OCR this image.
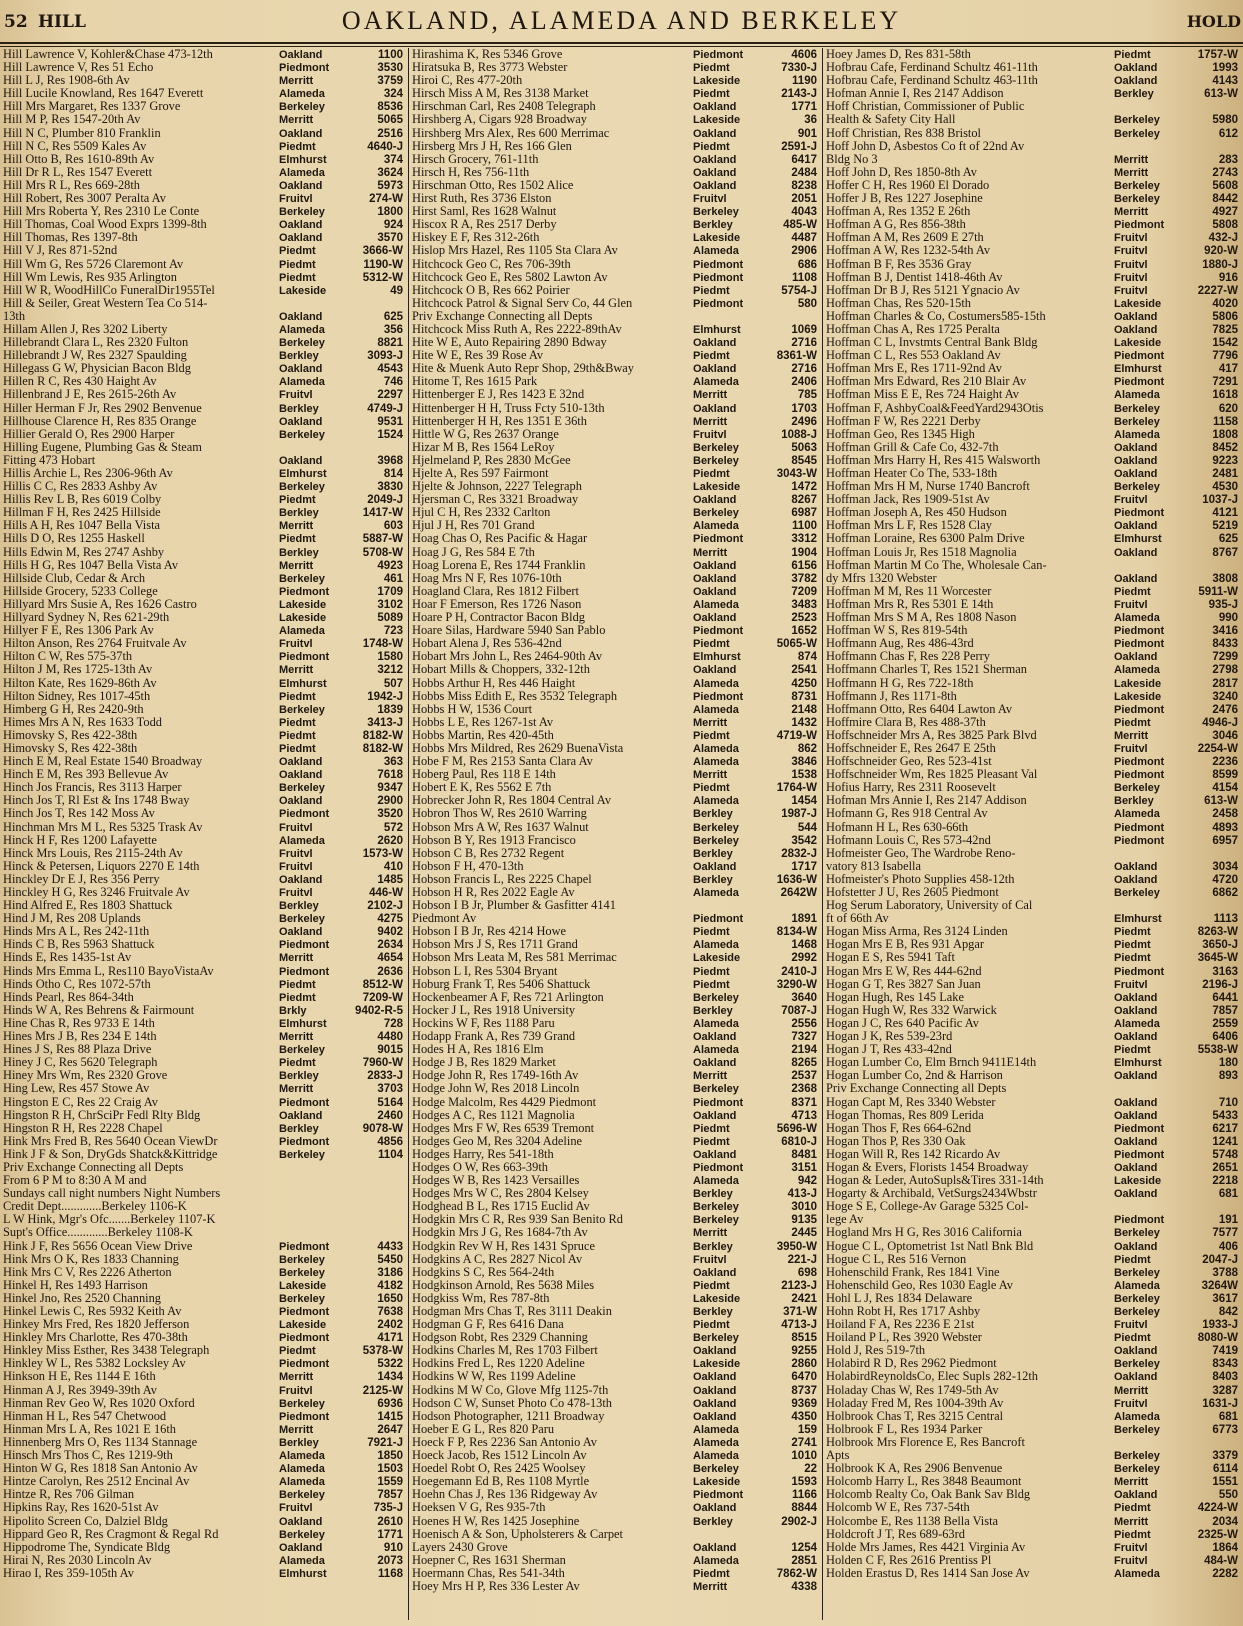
52 HILL	OAKLAND, ALAMEDA AND BERKELEY	HOLD
Hill Lawrence V, Kohler&Chase 473-12th	Oakland	1100
Hill Lawrence V, Res 51 Echo	Piedmont	3530
Hill L J, Res 1908-6th Av	Merritt	3759
Hill Lucile Knowland, Res 1647 Everett	Alameda	324
Hill Mrs Margaret, Res 1337 Grove	Berkeley	8536
Hill M P, Res 1547-20th Av	Merritt	5065
Hill N C, Plumber 810 Franklin	Oakland	2516
Hill N C, Res 5509 Kales Av	Piedmt	4640-J
Hill Otto B, Res 1610-89th Av	Elmhurst	374
Hill Dr R L, Res 1547 Everett	Alameda	3624
Hill Mrs R L, Res 669-28th	Oakland	5973
Hill Robert, Res 3007 Peralta Av	Fruitvl	274-W
Hill Mrs Roberta Y, Res 2310 Le Conte	Berkeley	1800
Hill Thomas, Coal Wood Exprs 1399-8th	Oakland	924
Hill Thomas, Res 1397-8th	Oakland	3570
Hill V J, Res 871-52nd	Piedmt	3666-W
Hill Wm G, Res 5726 Claremont Av	Piedmt	1190-W
Hill Wm Lewis, Res 935 Arlington	Piedmt	5312-W
Hill W R, WoodHillCo FuneralDir1955Tel	Lakeside	49
Hill & Seiler, Great Western Tea Co 514-
13th	Oakland	625
Hillam Allen J, Res 3202 Liberty	Alameda	356
Hillebrandt Clara L, Res 2320 Fulton	Berkeley	8821
Hillebrandt J W, Res 2327 Spaulding	Berkley	3093-J
Hillegass G W, Physician Bacon Bldg	Oakland	4543
Hillen R C, Res 430 Haight Av	Alameda	746
Hillenbrand J E, Res 2615-26th Av	Fruitvl	2297
Hiller Herman F Jr, Res 2902 Benvenue	Berkley	4749-J
Hillhouse Clarence H, Res 835 Orange	Oakland	9531
Hillier Gerald O, Res 2900 Harper	Berkeley	1524
Hilling Eugene, Plumbing Gas & Steam
Fitting 473 Hobart	Oakland	3968
Hillis Archie L, Res 2306-96th Av	Elmhurst	814
Hillis C C, Res 2833 Ashby Av	Berkeley	3830
Hillis Rev L B, Res 6019 Colby	Piedmt	2049-J
Hillman F H, Res 2425 Hillside	Berkley	1417-W
Hills A H, Res 1047 Bella Vista	Merritt	603
Hills D O, Res 1255 Haskell	Piedmt	5887-W
Hills Edwin M, Res 2747 Ashby	Berkley	5708-W
Hills H G, Res 1047 Bella Vista Av	Merritt	4923
Hillside Club, Cedar & Arch	Berkeley	461
Hillside Grocery, 5233 College	Piedmont	1709
Hillyard Mrs Susie A, Res 1626 Castro	Lakeside	3102
Hillyard Sydney N, Res 621-29th	Lakeside	5089
Hillyer F E, Res 1306 Park Av	Alameda	723
Hilton Anson, Res 2764 Fruitvale Av	Fruitvl	1748-W
Hilton C W, Res 575-37th	Piedmont	1580
Hilton J M, Res 1725-13th Av	Merritt	3212
Hilton Kate, Res 1629-86th Av	Elmhurst	507
Hilton Sidney, Res 1017-45th	Piedmt	1942-J
Himberg G H, Res 2420-9th	Berkeley	1839
Himes Mrs A N, Res 1633 Todd	Piedmt	3413-J
Himovsky S, Res 422-38th	Piedmt	8182-W
Himovsky S, Res 422-38th	Piedmt	8182-W
Hinch E M, Real Estate 1540 Broadway	Oakland	363
Hinch E M, Res 393 Bellevue Av	Oakland	7618
Hinch Jos Francis, Res 3113 Harper	Berkeley	9347
Hinch Jos T, Rl Est & Ins 1748 Bway	Oakland	2900
Hinch Jos T, Res 142 Moss Av	Piedmont	3520
Hinchman Mrs M L, Res 5325 Trask Av	Fruitvl	572
Hinck H F, Res 1200 Lafayette	Alameda	2620
Hinck Mrs Louis, Res 2115-24th Av	Fruitvl	1573-W
Hinck & Petersen, Liquors 2270 E 14th	Fruitvl	410
Hinckley Dr E J, Res 356 Perry	Oakland	1485
Hinckley H G, Res 3246 Fruitvale Av	Fruitvl	446-W
Hind Alfred E, Res 1803 Shattuck	Berkley	2102-J
Hind J M, Res 208 Uplands	Berkeley	4275
Hinds Mrs A L, Res 242-11th	Oakland	9402
Hinds C B, Res 5963 Shattuck	Piedmont	2634
Hinds E, Res 1435-1st Av	Merritt	4654
Hinds Mrs Emma L, Res110 BayoVistaAv	Piedmont	2636
Hinds Otho C, Res 1072-57th	Piedmt	8512-W
Hinds Pearl, Res 864-34th	Piedmt	7209-W
Hinds W A, Res Behrens & Fairmount	Brkly	9402-R-5
Hine Chas R, Res 9733 E 14th	Elmhurst	728
Hines Mrs J B, Res 234 E 14th	Merritt	4480
Hines J S, Res 88 Plaza Drive	Berkeley	9015
Hiney J C, Res 5620 Telegraph	Piedmt	7960-W
Hiney Mrs Wm, Res 2320 Grove	Berkley	2833-J
Hing Lew, Res 457 Stowe Av	Merritt	3703
Hingston E C, Res 22 Craig Av	Piedmont	5164
Hingston R H, ChrSciPr Fedl Rlty Bldg	Oakland	2460
Hingston R H, Res 2228 Chapel	Berkley	9078-W
Hink Mrs Fred B, Res 5640 Ocean ViewDr	Piedmont	4856
Hink J F & Son, DryGds Shatck&Kittridge	Berkeley	1104
Priv Exchange Connecting all Depts
From 6 P M to 8:30 A M and
Sundays call night numbers Night Numbers
Credit Dept.............Berkeley 1106-K
L W Hink, Mgr's Ofc.......Berkeley 1107-K
Supt's Office.............Berkeley 1108-K
Hink J F, Res 5656 Ocean View Drive	Piedmont	4433
Hink Mrs O K, Res 1833 Channing	Berkeley	5450
Hink Mrs C V, Res 2226 Atherton	Berkeley	3186
Hinkel H, Res 1493 Harrison	Lakeside	4182
Hinkel Jno, Res 2520 Channing	Berkeley	1650
Hinkel Lewis C, Res 5932 Keith Av	Piedmont	7638
Hinkey Mrs Fred, Res 1820 Jefferson	Lakeside	2402
Hinkley Mrs Charlotte, Res 470-38th	Piedmont	4171
Hinkley Miss Esther, Res 3438 Telegraph	Piedmt	5378-W
Hinkley W L, Res 5382 Locksley Av	Piedmont	5322
Hinkson H E, Res 1144 E 16th	Merritt	1434
Hinman A J, Res 3949-39th Av	Fruitvl	2125-W
Hinman Rev Geo W, Res 1020 Oxford	Berkeley	6936
Hinman H L, Res 547 Chetwood	Piedmont	1415
Hinman Mrs L A, Res 1021 E 16th	Merritt	2647
Hinnenberg Mrs O, Res 1134 Stannage	Berkley	7921-J
Hinsch Mrs Thos C, Res 1219-9th	Alameda	1850
Hinton W G, Res 1818 San Antonio Av	Alameda	1503
Hintze Carolyn, Res 2512 Encinal Av	Alameda	1559
Hintze R, Res 706 Gilman	Berkeley	7857
Hipkins Ray, Res 1620-51st Av	Fruitvl	735-J
Hipolito Screen Co, Dalziel Bldg	Oakland	2610
Hippard Geo R, Res Cragmont & Regal Rd	Berkeley	1771
Hippodrome The, Syndicate Bldg	Oakland	910
Hirai N, Res 2030 Lincoln Av	Alameda	2073
Hirao I, Res 359-105th Av	Elmhurst	1168
Hirashima K, Res 5346 Grove	Piedmont	4606
Hiratsuka B, Res 3773 Webster	Piedmt	7330-J
Hiroi C, Res 477-20th	Lakeside	1190
Hirsch Miss A M, Res 3138 Market	Piedmt	2143-J
Hirschman Carl, Res 2408 Telegraph	Oakland	1771
Hirshberg A, Cigars 928 Broadway	Lakeside	36
Hirshberg Mrs Alex, Res 600 Merrimac	Oakland	901
Hirsberg Mrs J H, Res 166 Glen	Piedmt	2591-J
Hirsch Grocery, 761-11th	Oakland	6417
Hirsch H, Res 756-11th	Oakland	2484
Hirschman Otto, Res 1502 Alice	Oakland	8238
Hirst Ruth, Res 3736 Elston	Fruitvl	2051
Hirst Saml, Res 1628 Walnut	Berkeley	4043
Hiscox R A, Res 2517 Derby	Berkley	485-W
Hiskey E F, Res 312-26th	Lakeside	4487
Hislop Mrs Hazel, Res 1105 Sta Clara Av	Alameda	2906
Hitchcock Geo C, Res 706-39th	Piedmont	686
Hitchcock Geo E, Res 5802 Lawton Av	Piedmont	1108
Hitchcock O B, Res 662 Poirier	Piedmt	5754-J
Hitchcock Patrol & Signal Serv Co, 44 Glen	Piedmont	580
Priv Exchange Connecting all Depts
Hitchcock Miss Ruth A, Res 2222-89thAv	Elmhurst	1069
Hite W E, Auto Repairing 2890 Bdway	Oakland	2716
Hite W E, Res 39 Rose Av	Piedmt	8361-W
Hite & Muenk Auto Repr Shop, 29th&Bway	Oakland	2716
Hitome T, Res 1615 Park	Alameda	2406
Hittenberger E J, Res 1423 E 32nd	Merritt	785
Hittenberger H H, Truss Fcty 510-13th	Oakland	1703
Hittenberger H H, Res 1351 E 36th	Merritt	2496
Hittle W G, Res 2637 Orange	Fruitvl	1088-J
Hizar M B, Res 1564 LeRoy	Berkeley	5063
Hjelmeland P, Res 2830 McGee	Berkeley	8545
Hjelte A, Res 597 Fairmont	Piedmt	3043-W
Hjelte & Johnson, 2227 Telegraph	Lakeside	1472
Hjersman C, Res 3321 Broadway	Oakland	8267
Hjul C H, Res 2332 Carlton	Berkeley	6987
Hjul J H, Res 701 Grand	Alameda	1100
Hoag Chas O, Res Pacific & Hagar	Piedmont	3312
Hoag J G, Res 584 E 7th	Merritt	1904
Hoag Lorena E, Res 1744 Franklin	Oakland	6156
Hoag Mrs N F, Res 1076-10th	Oakland	3782
Hoagland Clara, Res 1812 Filbert	Oakland	7209
Hoar F Emerson, Res 1726 Nason	Alameda	3483
Hoare P H, Contractor Bacon Bldg	Oakland	2523
Hoare Silas, Hardware 5940 San Pablo	Piedmont	1652
Hobart Alena J, Res 536-42nd	Piedmt	5065-W
Hobart Mrs John L, Res 2464-90th Av	Elmhurst	874
Hobart Mills & Choppers, 332-12th	Oakland	2541
Hobbs Arthur H, Res 446 Haight	Alameda	4250
Hobbs Miss Edith E, Res 3532 Telegraph	Piedmont	8731
Hobbs H W, 1536 Court	Alameda	2148
Hobbs L E, Res 1267-1st Av	Merritt	1432
Hobbs Martin, Res 420-45th	Piedmt	4719-W
Hobbs Mrs Mildred, Res 2629 BuenaVista	Alameda	862
Hobe F M, Res 2153 Santa Clara Av	Alameda	3846
Hoberg Paul, Res 118 E 14th	Merritt	1538
Hobert E K, Res 5562 E 7th	Piedmt	1764-W
Hobrecker John R, Res 1804 Central Av	Alameda	1454
Hobron Thos W, Res 2610 Warring	Berkley	1987-J
Hobson Mrs A W, Res 1637 Walnut	Berkeley	544
Hobson B Y, Res 1913 Francisco	Berkeley	3542
Hobson C B, Res 2732 Regent	Berkley	2832-J
Hobson F H, 470-13th	Oakland	1717
Hobson Francis L, Res 2225 Chapel	Berkley	1636-W
Hobson H R, Res 2022 Eagle Av	Alameda	2642W
Hobson I B Jr, Plumber & Gasfitter 4141
Piedmont Av	Piedmont	1891
Hobson I B Jr, Res 4214 Howe	Piedmt	8134-W
Hobson Mrs J S, Res 1711 Grand	Alameda	1468
Hobson Mrs Leata M, Res 581 Merrimac	Lakeside	2992
Hobson L I, Res 5304 Bryant	Piedmt	2410-J
Hoburg Frank T, Res 5406 Shattuck	Piedmt	3290-W
Hockenbeamer A F, Res 721 Arlington	Berkeley	3640
Hocker J L, Res 1918 University	Berkley	7087-J
Hockins W F, Res 1188 Paru	Alameda	2556
Hodapp Frank A, Res 739 Grand	Oakland	7327
Hodes H A, Res 1816 Elm	Alameda	2194
Hodge J B, Res 1829 Market	Oakland	8265
Hodge John R, Res 1749-16th Av	Merritt	2537
Hodge John W, Res 2018 Lincoln	Berkeley	2368
Hodge Malcolm, Res 4429 Piedmont	Piedmont	8371
Hodges A C, Res 1121 Magnolia	Oakland	4713
Hodges Mrs F W, Res 6539 Tremont	Piedmt	5696-W
Hodges Geo M, Res 3204 Adeline	Piedmt	6810-J
Hodges Harry, Res 541-18th	Oakland	8481
Hodges O W, Res 663-39th	Piedmont	3151
Hodges W B, Res 1423 Versailles	Alameda	942
Hodges Mrs W C, Res 2804 Kelsey	Berkley	413-J
Hodghead B L, Res 1715 Euclid Av	Berkeley	3010
Hodgkin Mrs C R, Res 939 San Benito Rd	Berkeley	9135
Hodgkin Mrs J G, Res 1684-7th Av	Merritt	2445
Hodgkin Rev W H, Res 1431 Spruce	Berkley	3950-W
Hodgkins A C, Res 2827 Nicol Av	Fruitvl	221-J
Hodgkins S C, Res 564-24th	Oakland	698
Hodgkinson Arnold, Res 5638 Miles	Piedmt	2123-J
Hodgkiss Wm, Res 787-8th	Lakeside	2421
Hodgman Mrs Chas T, Res 3111 Deakin	Berkley	371-W
Hodgman G F, Res 6416 Dana	Piedmt	4713-J
Hodgson Robt, Res 2329 Channing	Berkeley	8515
Hodkins Charles M, Res 1703 Filbert	Oakland	9255
Hodkins Fred L, Res 1220 Adeline	Lakeside	2860
Hodkins W W, Res 1199 Adeline	Oakland	6470
Hodkins M W Co, Glove Mfg 1125-7th	Oakland	8737
Hodson C W, Sunset Photo Co 478-13th	Oakland	9369
Hodson Photographer, 1211 Broadway	Oakland	4350
Hoeber E G L, Res 820 Paru	Alameda	159
Hoeck F P, Res 2236 San Antonio Av	Alameda	2741
Hoeck Jacob, Res 1512 Lincoln Av	Alameda	1010
Hoedel Robt O, Res 2425 Woolsey	Berkeley	22
Hoegemann Ed B, Res 1108 Myrtle	Lakeside	1593
Hoehn Chas J, Res 136 Ridgeway Av	Piedmont	1166
Hoeksen V G, Res 935-7th	Oakland	8844
Hoenes H W, Res 1425 Josephine	Berkley	2902-J
Hoenisch A & Son, Upholsterers & Carpet
Layers 2430 Grove	Oakland	1254
Hoepner C, Res 1631 Sherman	Alameda	2851
Hoermann Chas, Res 541-34th	Piedmt	7862-W
Hoey Mrs H P, Res 336 Lester Av	Merritt	4338
Hoey James D, Res 831-58th	Piedmt	1757-W
Hofbrau Cafe, Ferdinand Schultz 461-11th	Oakland	1993
Hofbrau Cafe, Ferdinand Schultz 463-11th	Oakland	4143
Hofman Annie I, Res 2147 Addison	Berkley	613-W
Hoff Christian, Commissioner of Public
Health & Safety City Hall	Berkeley	5980
Hoff Christian, Res 838 Bristol	Berkeley	612
Hoff John D, Asbestos Co ft of 22nd Av
Bldg No 3	Merritt	283
Hoff John D, Res 1850-8th Av	Merritt	2743
Hoffer C H, Res 1960 El Dorado	Berkeley	5608
Hoffer J B, Res 1227 Josephine	Berkeley	8442
Hoffman A, Res 1352 E 26th	Merritt	4927
Hoffman A G, Res 856-38th	Piedmont	5808
Hoffman A M, Res 2609 E 27th	Fruitvl	432-J
Hoffman A W, Res 1232-54th Av	Fruitvl	920-W
Hoffman B F, Res 3536 Gray	Fruitvl	1880-J
Hoffman B J, Dentist 1418-46th Av	Fruitvl	916
Hoffman Dr B J, Res 5121 Ygnacio Av	Fruitvl	2227-W
Hoffman Chas, Res 520-15th	Lakeside	4020
Hoffman Charles & Co, Costumers585-15th	Oakland	5806
Hoffman Chas A, Res 1725 Peralta	Oakland	7825
Hoffman C L, Invstmts Central Bank Bldg	Lakeside	1542
Hoffman C L, Res 553 Oakland Av	Piedmont	7796
Hoffman Mrs E, Res 1711-92nd Av	Elmhurst	417
Hoffman Mrs Edward, Res 210 Blair Av	Piedmont	7291
Hoffman Miss E E, Res 724 Haight Av	Alameda	1618
Hoffman F, AshbyCoal&FeedYard2943Otis	Berkeley	620
Hoffman F W, Res 2221 Derby	Berkeley	1158
Hoffman Geo, Res 1345 High	Alameda	1808
Hoffman Grill & Cafe Co, 432-7th	Oakland	8452
Hoffman Mrs Harry H, Res 415 Walsworth	Oakland	9223
Hoffman Heater Co The, 533-18th	Oakland	2481
Hoffman Mrs H M, Nurse 1740 Bancroft	Berkeley	4530
Hoffman Jack, Res 1909-51st Av	Fruitvl	1037-J
Hoffman Joseph A, Res 450 Hudson	Piedmont	4121
Hoffman Mrs L F, Res 1528 Clay	Oakland	5219
Hoffman Loraine, Res 6300 Palm Drive	Elmhurst	625
Hoffman Louis Jr, Res 1518 Magnolia	Oakland	8767
Hoffman Martin M Co The, Wholesale Can-
dy Mfrs 1320 Webster	Oakland	3808
Hoffman M M, Res 11 Worcester	Piedmt	5911-W
Hoffman Mrs R, Res 5301 E 14th	Fruitvl	935-J
Hoffman Mrs S M A, Res 1808 Nason	Alameda	990
Hoffman W S, Res 819-54th	Piedmont	3416
Hoffmann Aug, Res 486-43rd	Piedmont	8433
Hoffmann Chas F, Res 228 Perry	Oakland	7299
Hoffmann Charles T, Res 1521 Sherman	Alameda	2798
Hoffmann H G, Res 722-18th	Lakeside	2817
Hoffmann J, Res 1171-8th	Lakeside	3240
Hoffmann Otto, Res 6404 Lawton Av	Piedmont	2476
Hoffmire Clara B, Res 488-37th	Piedmt	4946-J
Hoffschneider Mrs A, Res 3825 Park Blvd	Merritt	3046
Hoffschneider E, Res 2647 E 25th	Fruitvl	2254-W
Hoffschneider Geo, Res 523-41st	Piedmont	2236
Hoffschneider Wm, Res 1825 Pleasant Val	Piedmont	8599
Hofius Harry, Res 2311 Roosevelt	Berkeley	4154
Hofman Mrs Annie I, Res 2147 Addison	Berkley	613-W
Hofmann G, Res 918 Central Av	Alameda	2458
Hofmann H L, Res 630-66th	Piedmont	4893
Hofmann Louis C, Res 573-42nd	Piedmont	6957
Hofmeister Geo, The Wardrobe Reno-
vatory 813 Isabella	Oakland	3034
Hofmeister's Photo Supplies 458-12th	Oakland	4720
Hofstetter J U, Res 2605 Piedmont	Berkeley	6862
Hog Serum Laboratory, University of Cal
ft of 66th Av	Elmhurst	1113
Hogan Miss Arma, Res 3124 Linden	Piedmt	8263-W
Hogan Mrs E B, Res 931 Apgar	Piedmt	3650-J
Hogan E S, Res 5941 Taft	Piedmt	3645-W
Hogan Mrs E W, Res 444-62nd	Piedmont	3163
Hogan G T, Res 3827 San Juan	Fruitvl	2196-J
Hogan Hugh, Res 145 Lake	Oakland	6441
Hogan Hugh W, Res 332 Warwick	Oakland	7857
Hogan J C, Res 640 Pacific Av	Alameda	2559
Hogan J K, Res 539-23rd	Oakland	6406
Hogan J T, Res 433-42nd	Piedmt	5538-W
Hogan Lumber Co, Elm Brnch 9411E14th	Elmhurst	180
Hogan Lumber Co, 2nd & Harrison	Oakland	893
Priv Exchange Connecting all Depts
Hogan Capt M, Res 3340 Webster	Oakland	710
Hogan Thomas, Res 809 Lerida	Oakland	5433
Hogan Thos F, Res 664-62nd	Piedmont	6217
Hogan Thos P, Res 330 Oak	Oakland	1241
Hogan Will R, Res 142 Ricardo Av	Piedmont	5748
Hogan & Evers, Florists 1454 Broadway	Oakland	2651
Hogan & Leder, AutoSupls&Tires 331-14th	Lakeside	2218
Hogarty & Archibald, VetSurgs2434Wbstr	Oakland	681
Hoge S E, College-Av Garage 5325 Col-
lege Av	Piedmont	191
Hogland Mrs H G, Res 3016 California	Berkeley	7577
Hogue C L, Optometrist 1st Natl Bnk Bld	Oakland	406
Hogue C L, Res 516 Vernon	Piedmt	2047-J
Hohenschild Frank, Res 1841 Vine	Berkeley	3788
Hohenschild Geo, Res 1030 Eagle Av	Alameda	3264W
Hohl L J, Res 1834 Delaware	Berkeley	3617
Hohn Robt H, Res 1717 Ashby	Berkeley	842
Hoiland F A, Res 2236 E 21st	Fruitvl	1933-J
Hoiland P L, Res 3920 Webster	Piedmt	8080-W
Hold J, Res 519-7th	Oakland	7419
Holabird R D, Res 2962 Piedmont	Berkeley	8343
HolabirdReynoldsCo, Elec Supls 282-12th	Oakland	8403
Holaday Chas W, Res 1749-5th Av	Merritt	3287
Holaday Fred M, Res 1004-39th Av	Fruitvl	1631-J
Holbrook Chas T, Res 3215 Central	Alameda	681
Holbrook F L, Res 1934 Parker	Berkeley	6773
Holbrook Mrs Florence E, Res Bancroft
Apts	Berkeley	3379
Holbrook K A, Res 2906 Benvenue	Berkeley	6114
Holcomb Harry L, Res 3848 Beaumont	Merritt	1551
Holcomb Realty Co, Oak Bank Sav Bldg	Oakland	550
Holcomb W E, Res 737-54th	Piedmt	4224-W
Holcombe E, Res 1138 Bella Vista	Merritt	2034
Holdcroft J T, Res 689-63rd	Piedmt	2325-W
Holde Mrs James, Res 4421 Virginia Av	Fruitvl	1864
Holden C F, Res 2616 Prentiss Pl	Fruitvl	484-W
Holden Erastus D, Res 1414 San Jose Av	Alameda	2282
